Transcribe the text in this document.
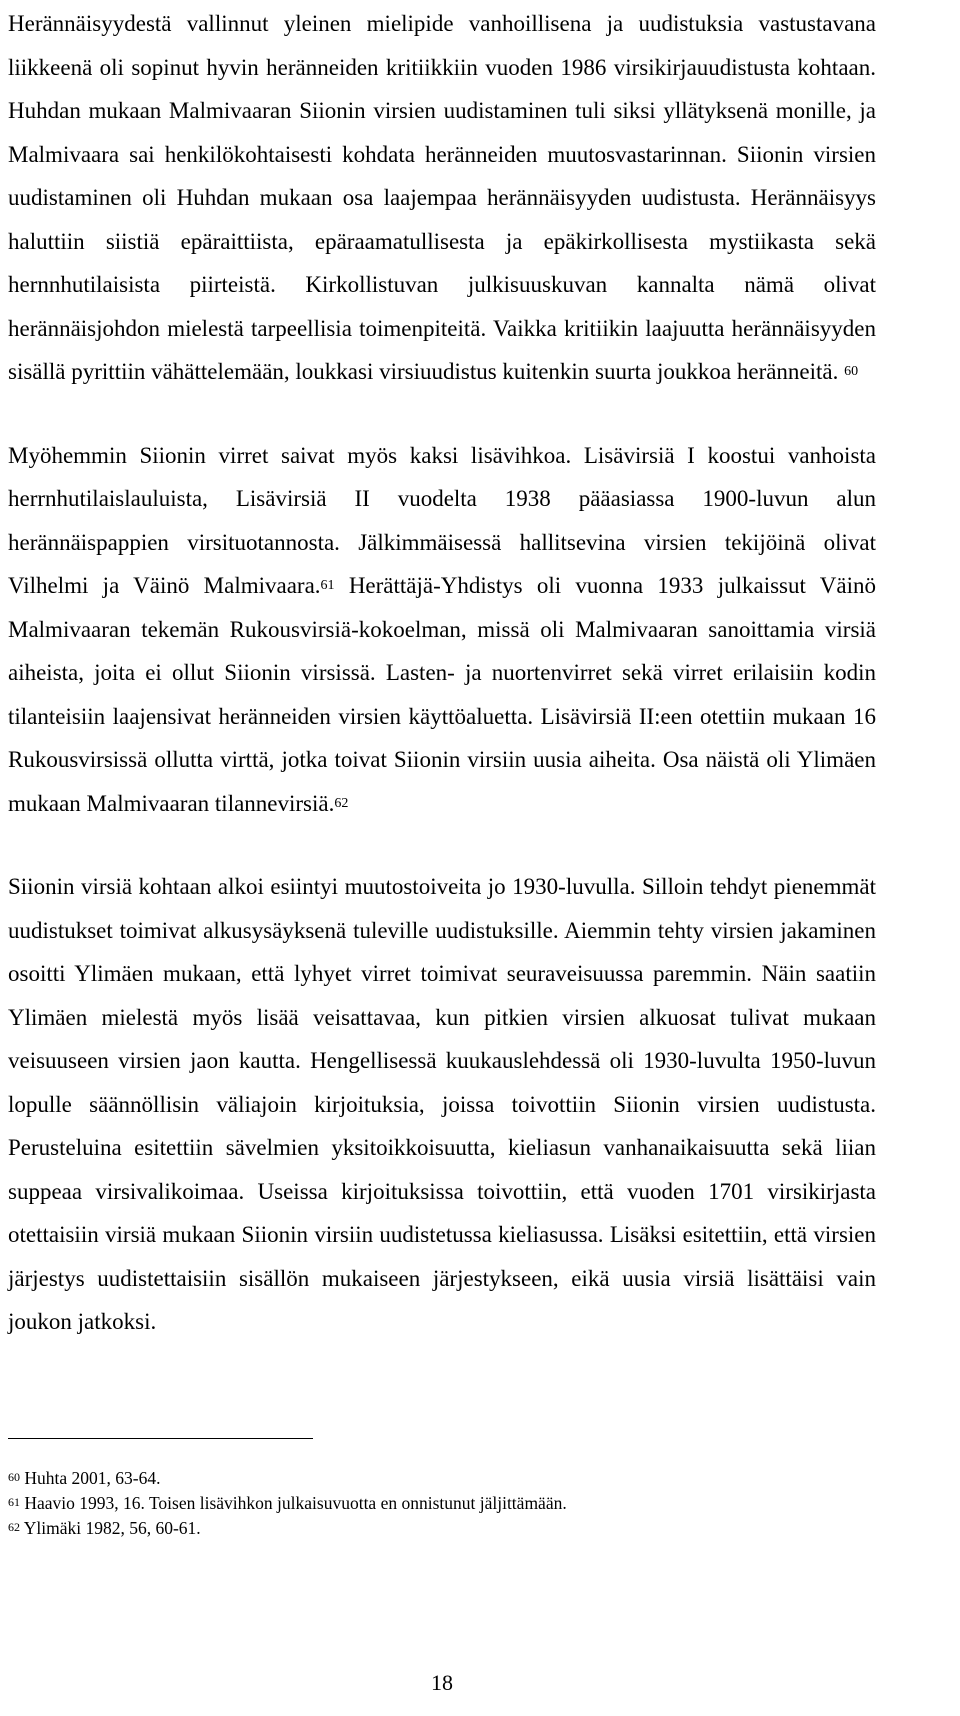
Herännäisyydestä vallinnut yleinen mielipide vanhoillisena ja uudistuksia vastustavana liikkeenä oli sopinut hyvin heränneiden kritiikkiin vuoden 1986 virsikirjauudistusta kohtaan. Huhdan mukaan Malmivaaran Siionin virsien uudistaminen tuli siksi yllätyksenä monille, ja Malmivaara sai henkilökohtaisesti kohdata heränneiden muutosvastarinnan. Siionin virsien uudistaminen oli Huhdan mukaan osa laajempaa herännäisyyden uudistusta. Herännäisyys haluttiin siistiä epäraittiista, epäraamatullisesta ja epäkirkollisesta mystiikasta sekä hernnhutilaisista piirteistä. Kirkollistuvan julkisuuskuvan kannalta nämä olivat herännäisjohdon mielestä tarpeellisia toimenpiteitä. Vaikka kritiikin laajuutta herännäisyyden sisällä pyrittiin vähättelemään, loukkasi virsiuudistus kuitenkin suurta joukkoa heränneitä. $^{60}$

Myöhemmin Siionin virret saivat myös kaksi lisävihkoa. Lisävirsiä I koostui vanhoista herrnhutilaislauluista, Lisävirsiä II vuodelta 1938 pääasiassa 1900-luvun alun herännäispappien virsituotannosta. Jälkimmäisessä hallitsevina virsien tekijöinä olivat Vilhelmi ja Väinö Malmivaara.$^{61}$ Herättäjä-Yhdistys oli vuonna 1933 julkaissut Väinö Malmivaaran tekemän Rukousvirsiä-kokoelman, missä oli Malmivaaran sanoittamia virsiä aiheista, joita ei ollut Siionin virsissä. Lasten- ja nuortenvirret sekä virret erilaisiin kodin tilanteisiin laajensivat heränneiden virsien käyttöaluetta. Lisävirsiä II:een otettiin mukaan 16 Rukousvirsissä ollutta virttä, jotka toivat Siionin virsiin uusia aiheita. Osa näistä oli Ylimäen mukaan Malmivaaran tilannevirsiä.$^{62}$

Siionin virsiä kohtaan alkoi esiintyi muutostoiveita jo 1930-luvulla. Silloin tehdyt pienemmät uudistukset toimivat alkusysäyksenä tuleville uudistuksille. Aiemmin tehty virsien jakaminen osoitti Ylimäen mukaan, että lyhyet virret toimivat seuraveisuussa paremmin. Näin saatiin Ylimäen mielestä myös lisää veisattavaa, kun pitkien virsien alkuosat tulivat mukaan veisuuseen virsien jaon kautta. Hengellisessä kuukauslehdessä oli 1930-luvulta 1950-luvun lopulle säännöllisin väliajoin kirjoituksia, joissa toivottiin Siionin virsien uudistusta. Perusteluina esitettiin sävelmien yksitoikkoisuutta, kieliasun vanhanaikaisuutta sekä liian suppeaa virsivalikoimaa. Useissa kirjoituksissa toivottiin, että vuoden 1701 virsikirjasta otettaisiin virsiä mukaan Siionin virsiin uudistetussa kieliasussa. Lisäksi esitettiin, että virsien järjestys uudistettaisiin sisällön mukaiseen järjestykseen, eikä uusia virsiä lisättäisi vain joukon jatkoksi.

$^{60}$ Huhta 2001, 63-64.
$^{61}$ Haavio 1993, 16. Toisen lisävihkon julkaisuvuotta en onnistunut jäljittämään.
$^{62}$ Ylimäki 1982, 56, 60-61.
18
